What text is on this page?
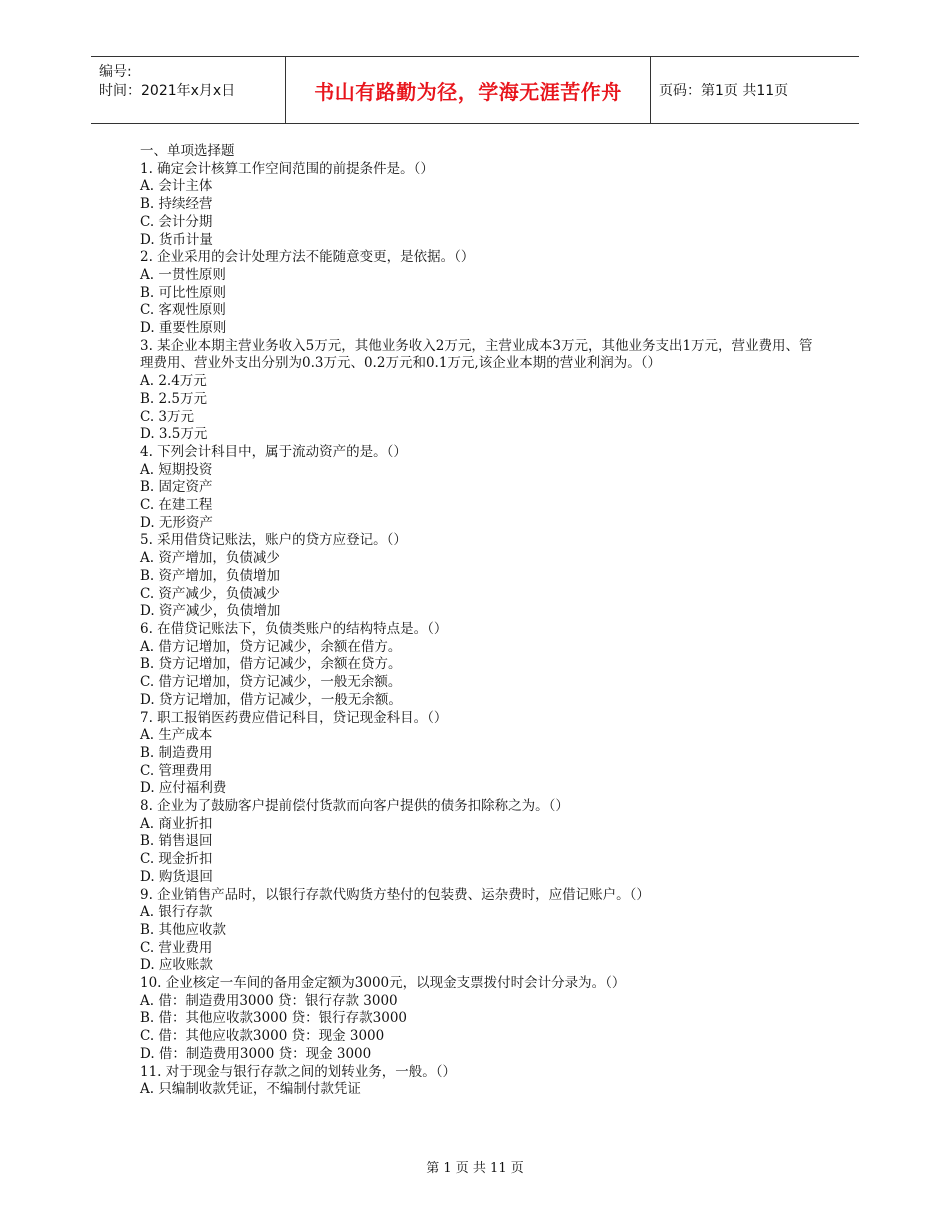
编号:
时间：2021年x月x日	书山有路勤为径，学海无涯苦作舟	页码：第1页 共11页
一、单项选择题
1. 确定会计核算工作空间范围的前提条件是。（）
A. 会计主体
B. 持续经营
C. 会计分期
D. 货币计量
2. 企业采用的会计处理方法不能随意变更，是依据。（）
A. 一贯性原则
B. 可比性原则
C. 客观性原则
D. 重要性原则
3. 某企业本期主营业务收入5万元，其他业务收入2万元，主营业成本3万元，其他业务支出1万元，营业费用、管理费用、营业外支出分别为0.3万元、0.2万元和0.1万元,该企业本期的营业利润为。（）
A. 2.4万元
B. 2.5万元
C. 3万元
D. 3.5万元
4. 下列会计科目中，属于流动资产的是。（）
A. 短期投资
B. 固定资产
C. 在建工程
D. 无形资产
5. 采用借贷记账法，账户的贷方应登记。（）
A. 资产增加，负债减少
B. 资产增加，负债增加
C. 资产减少，负债减少
D. 资产减少，负债增加
6. 在借贷记账法下，负债类账户的结构特点是。（）
A. 借方记增加，贷方记减少，余额在借方。
B. 贷方记增加，借方记减少，余额在贷方。
C. 借方记增加，贷方记减少，一般无余额。
D. 贷方记增加，借方记减少，一般无余额。
7. 职工报销医药费应借记科目，贷记现金科目。（）
A. 生产成本
B. 制造费用
C. 管理费用
D. 应付福利费
8. 企业为了鼓励客户提前偿付货款而向客户提供的债务扣除称之为。（）
A. 商业折扣
B. 销售退回
C. 现金折扣
D. 购货退回
9. 企业销售产品时，以银行存款代购货方垫付的包装费、运杂费时，应借记账户。（）
A. 银行存款
B. 其他应收款
C. 营业费用
D. 应收账款
10. 企业核定一车间的备用金定额为3000元，以现金支票拨付时会计分录为。（）
A. 借：制造费用3000 贷：银行存款 3000
B. 借：其他应收款3000 贷：银行存款3000
C. 借：其他应收款3000 贷：现金 3000
D. 借：制造费用3000 贷：现金 3000
11. 对于现金与银行存款之间的划转业务，一般。（）
A. 只编制收款凭证，不编制付款凭证
第 1 页 共 11 页
